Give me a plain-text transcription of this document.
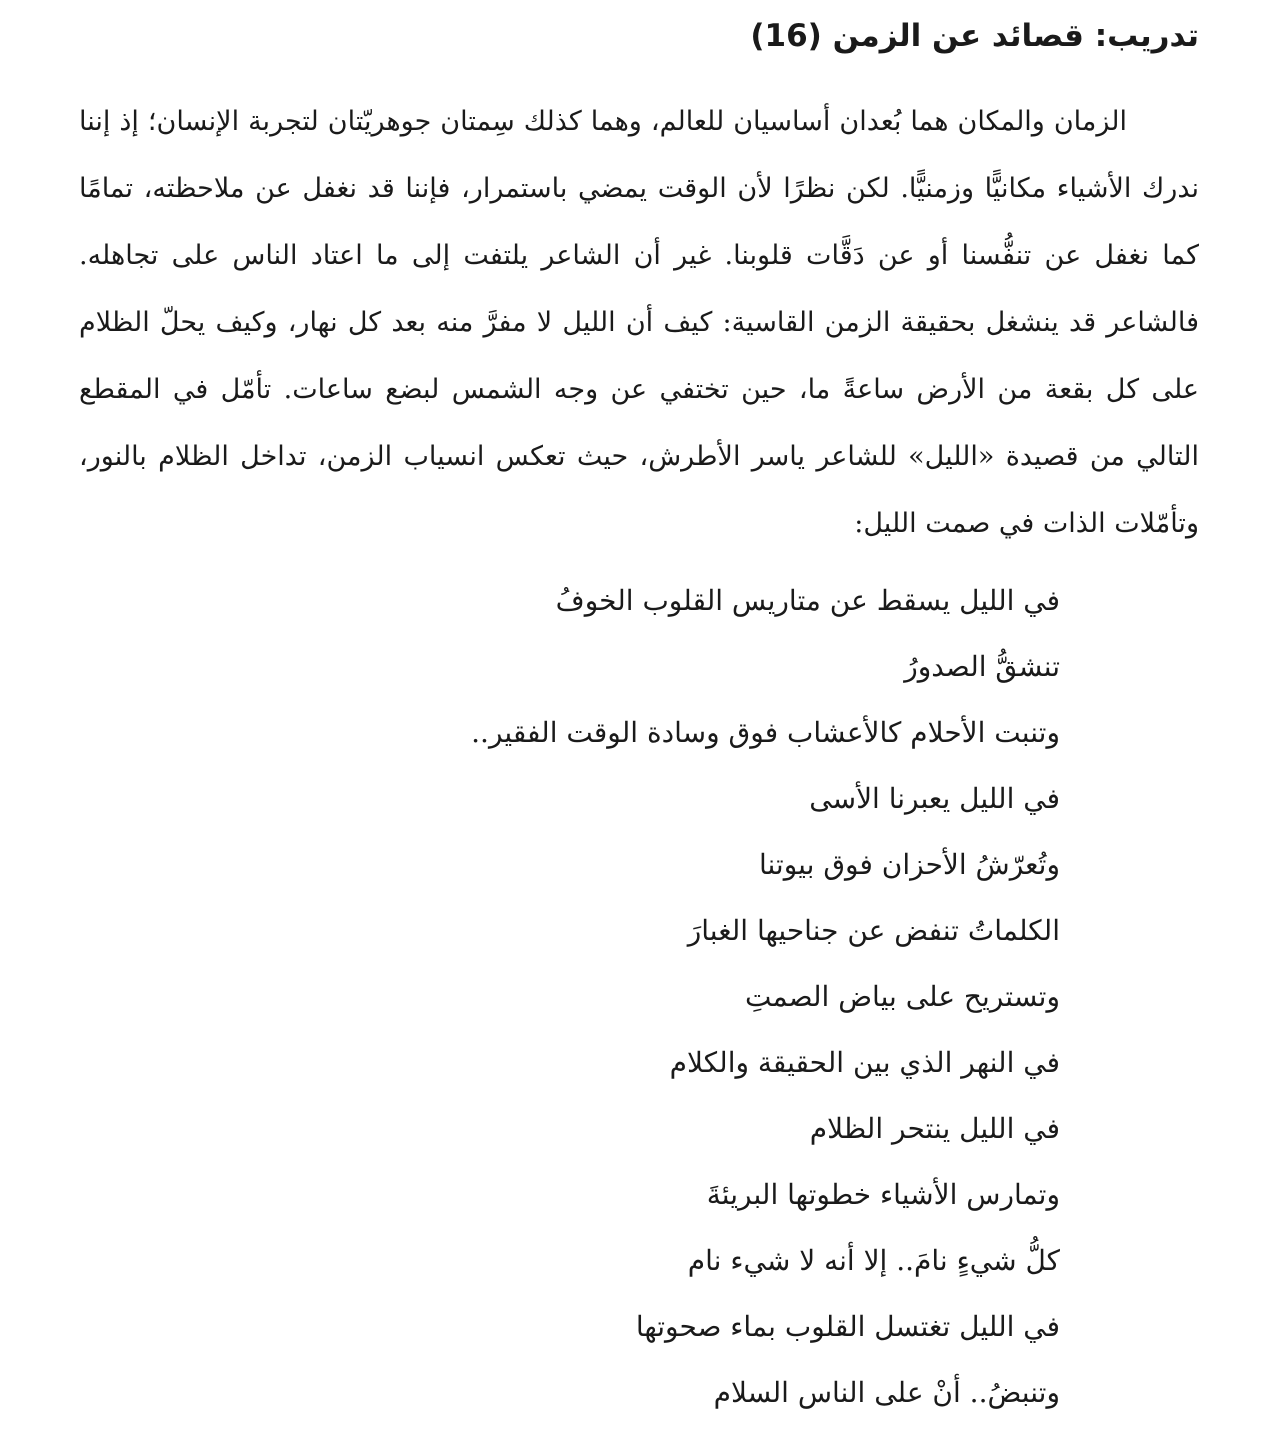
تدريب: قصائد عن الزمن (16)

الزمان والمكان هما بُعدان أساسيان للعالم، وهما كذلك سِمتان جوهريّتان لتجربة الإنسان؛ إذ إننا ندرك الأشياء مكانيًّا وزمنيًّا. لكن نظرًا لأن الوقت يمضي باستمرار، فإننا قد نغفل عن ملاحظته، تمامًا كما نغفل عن تنفُّسنا أو عن دَقَّات قلوبنا. غير أن الشاعر يلتفت إلى ما اعتاد الناس على تجاهله. فالشاعر قد ينشغل بحقيقة الزمن القاسية: كيف أن الليل لا مفرَّ منه بعد كل نهار، وكيف يحلّ الظلام على كل بقعة من الأرض ساعةً ما، حين تختفي عن وجه الشمس لبضع ساعات. تأمّل في المقطع التالي من قصيدة «الليل» للشاعر ياسر الأطرش، حيث تعكس انسياب الزمن، تداخل الظلام بالنور، وتأمّلات الذات في صمت الليل:

في الليل يسقط عن متاريس القلوب الخوفُ
تنشقُّ الصدورُ
وتنبت الأحلام كالأعشاب فوق وسادة الوقت الفقير..
في الليل يعبرنا الأسى
وتُعرّشُ الأحزان فوق بيوتنا
الكلماتُ تنفض عن جناحيها الغبارَ
وتستريح على بياض الصمتِ
في النهر الذي بين الحقيقة والكلام
في الليل ينتحر الظلام
وتمارس الأشياء خطوتها البريئةَ
كلُّ شيءٍ نامَ.. إلا أنه لا شيء نام
في الليل تغتسل القلوب بماء صحوتها
وتنبضُ.. أنْ على الناس السلام
